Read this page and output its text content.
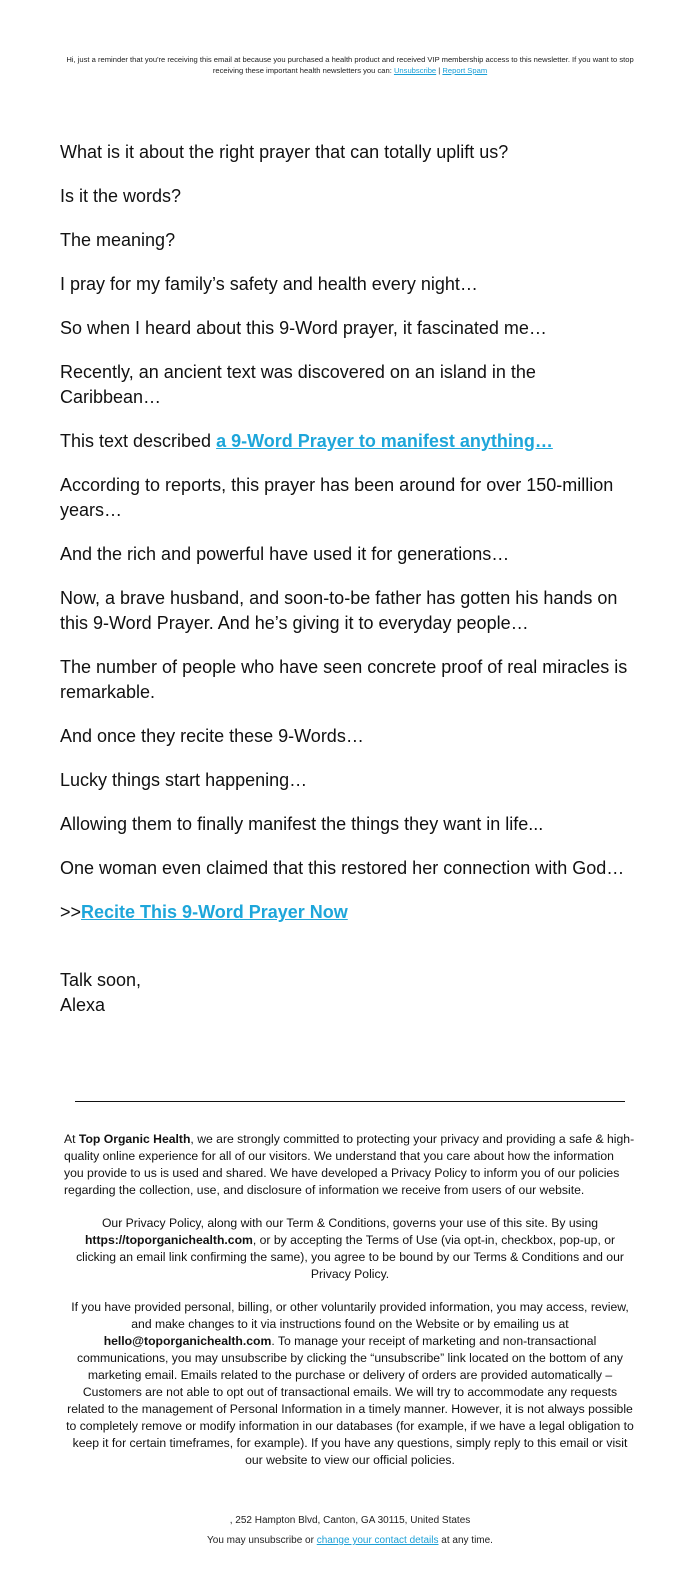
Hi, just a reminder that you're receiving this email at because you purchased a health product and received VIP membership access to this newsletter. If you want to stop receiving these important health newsletters you can: Unsubscribe | Report Spam

What is it about the right prayer that can totally uplift us?

Is it the words?

The meaning?

I pray for my family’s safety and health every night…

So when I heard about this 9-Word prayer, it fascinated me…

Recently, an ancient text was discovered on an island in the Caribbean…

This text described a 9-Word Prayer to manifest anything…

According to reports, this prayer has been around for over 150-million years…

And the rich and powerful have used it for generations…

Now, a brave husband, and soon-to-be father has gotten his hands on this 9-Word Prayer. And he’s giving it to everyday people…

The number of people who have seen concrete proof of real miracles is remarkable.

And once they recite these 9-Words…

Lucky things start happening…

Allowing them to finally manifest the things they want in life...

One woman even claimed that this restored her connection with God…

>>Recite This 9-Word Prayer Now

Talk soon,
Alexa

At Top Organic Health, we are strongly committed to protecting your privacy and providing a safe & high-quality online experience for all of our visitors. We understand that you care about how the information you provide to us is used and shared. We have developed a Privacy Policy to inform you of our policies regarding the collection, use, and disclosure of information we receive from users of our website.

Our Privacy Policy, along with our Term & Conditions, governs your use of this site. By using https://toporganichealth.com, or by accepting the Terms of Use (via opt-in, checkbox, pop-up, or clicking an email link confirming the same), you agree to be bound by our Terms & Conditions and our Privacy Policy.

If you have provided personal, billing, or other voluntarily provided information, you may access, review, and make changes to it via instructions found on the Website or by emailing us at hello@toporganichealth.com. To manage your receipt of marketing and non-transactional communications, you may unsubscribe by clicking the “unsubscribe” link located on the bottom of any marketing email. Emails related to the purchase or delivery of orders are provided automatically – Customers are not able to opt out of transactional emails. We will try to accommodate any requests related to the management of Personal Information in a timely manner. However, it is not always possible to completely remove or modify information in our databases (for example, if we have a legal obligation to keep it for certain timeframes, for example). If you have any questions, simply reply to this email or visit our website to view our official policies.

, 252 Hampton Blvd, Canton, GA 30115, United States
You may unsubscribe or change your contact details at any time.
